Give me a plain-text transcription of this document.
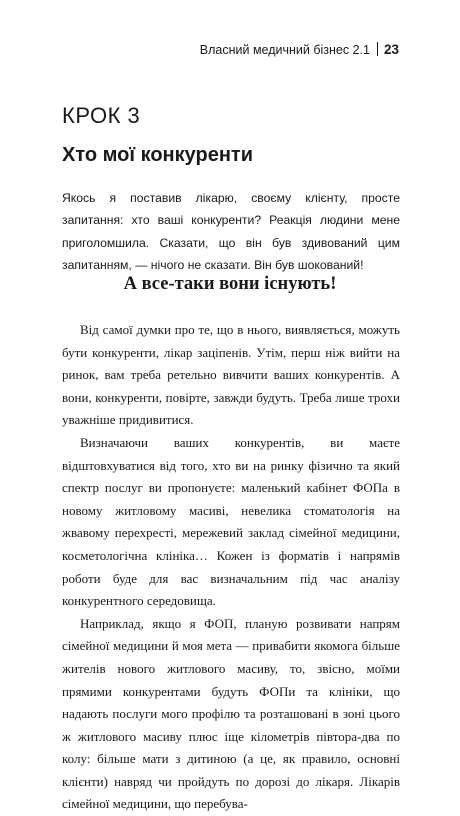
Власний медичний бізнес 2.1 23
КРОК 3
Хто мої конкуренти

Якось я поставив лікарю, своєму клієнту, просте запитання: хто ваші конкуренти? Реакція людини мене приголомшила. Сказати, що він був здивований цим запитанням, — нічого не сказати. Він був шокований!

А все-таки вони існують!

Від самої думки про те, що в нього, виявляється, можуть бути конкуренти, лікар заціпенів. Утім, перш ніж вийти на ринок, вам треба ретельно вивчити ваших конкурентів. А вони, конкуренти, повірте, завжди будуть. Треба лише трохи уважніше придивитися.

Визначаючи ваших конкурентів, ви маєте відштовхуватися від того, хто ви на ринку фізично та який спектр послуг ви пропонуєте: маленький кабінет ФОПа в новому житловому масиві, невелика стоматологія на жвавому перехресті, мережевий заклад сімейної медицини, косметологічна клініка… Кожен із форматів і напрямів роботи буде для вас визначальним під час аналізу конкурентного середовища.

Наприклад, якщо я ФОП, планую розвивати напрям сімейної медицини й моя мета — привабити якомога більше жителів нового житлового масиву, то, звісно, моїми прямими конкурентами будуть ФОПи та клініки, що надають послуги мого профілю та розташовані в зоні цього ж житлового масиву плюс іще кілометрів півтора-два по колу: більше мати з дитиною (а це, як правило, основні клієнти) навряд чи пройдуть по дорозі до лікаря. Лікарів сімейної медицини, що перебува-
